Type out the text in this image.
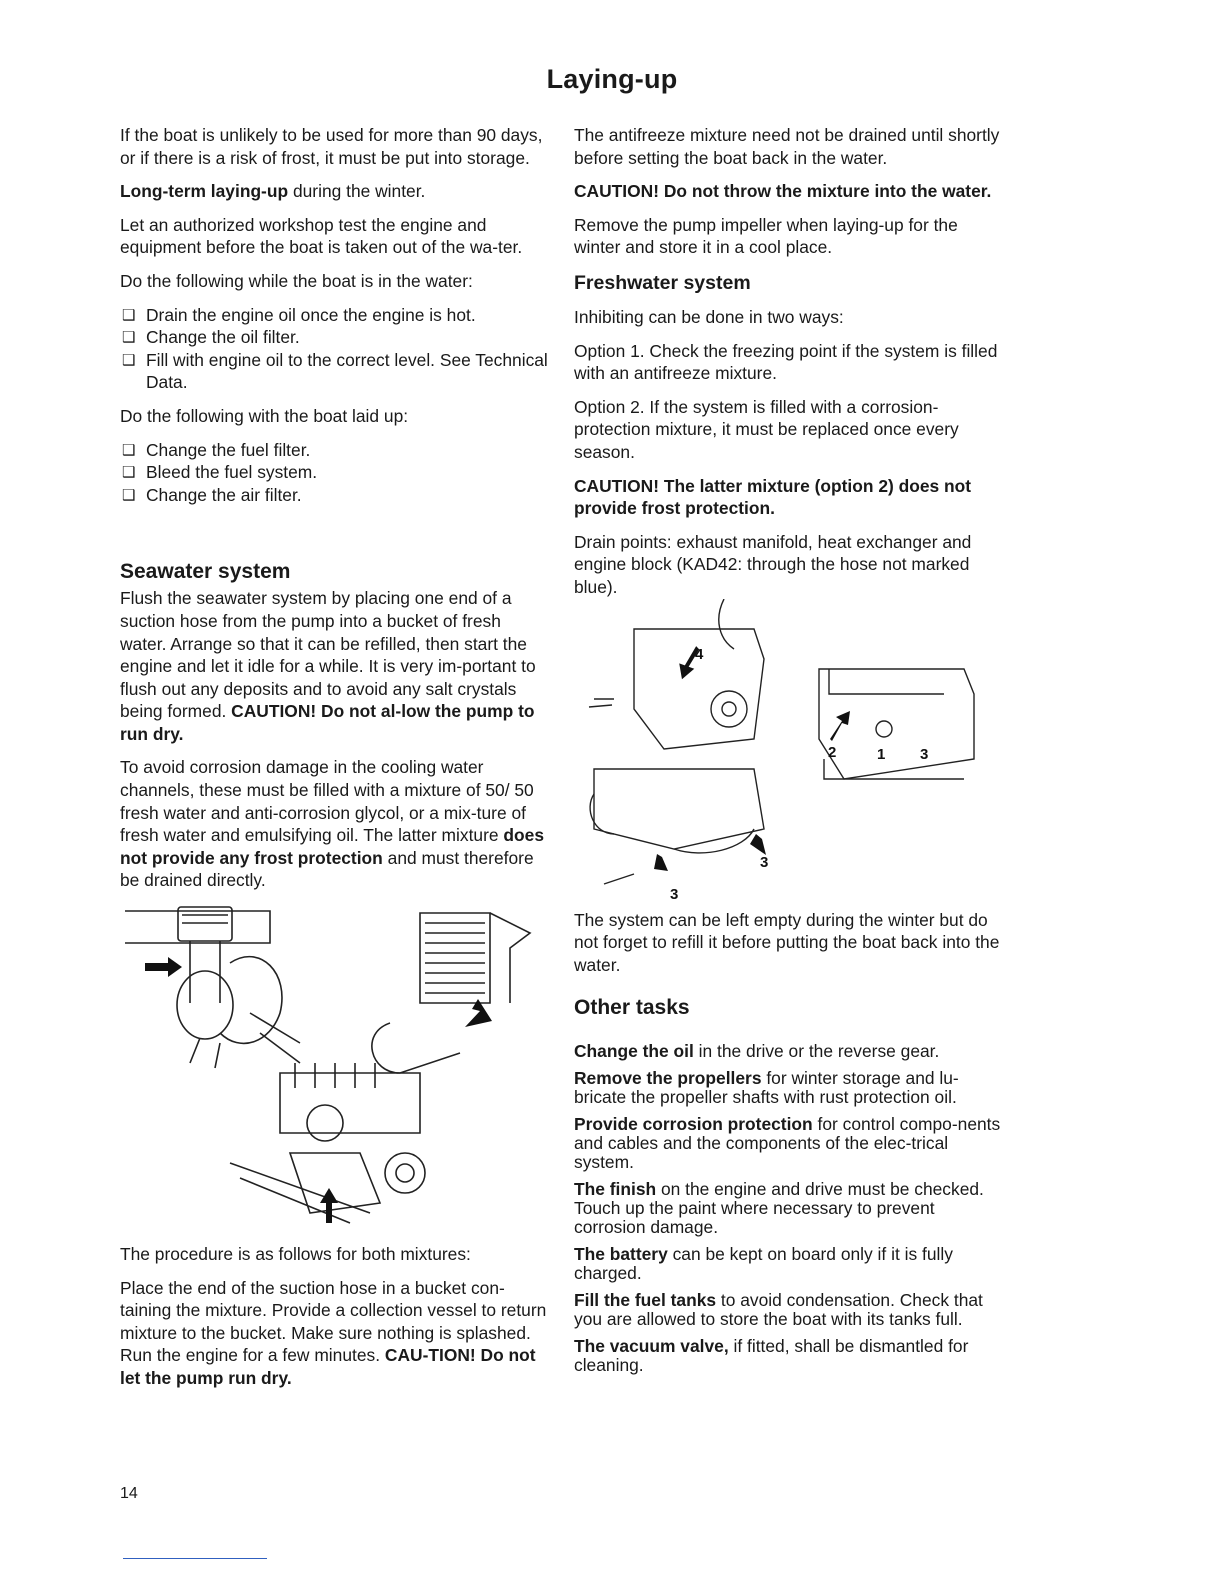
Laying-up

If the boat is unlikely to be used for more than 90 days, or if there is a risk of frost, it must be put into storage.

Long-term laying-up during the winter.

Let an authorized workshop test the engine and equipment before the boat is taken out of the wa-ter.

Do the following while the boat is in the water:

❑ Drain the engine oil once the engine is hot.
❑ Change the oil filter.
❑ Fill with engine oil to the correct level. See Technical Data.

Do the following with the boat laid up:

❑ Change the fuel filter.
❑ Bleed the fuel system.
❑ Change the air filter.
Seawater system

Flush the seawater system by placing one end of a suction hose from the pump into a bucket of fresh water. Arrange so that it can be refilled, then start the engine and let it idle for a while. It is very im-portant to flush out any deposits and to avoid any salt crystals being formed. CAUTION! Do not al-low the pump to run dry.

To avoid corrosion damage in the cooling water channels, these must be filled with a mixture of 50/ 50 fresh water and anti-corrosion glycol, or a mix-ture of fresh water and emulsifying oil. The latter mixture does not provide any frost protection and must therefore be drained directly.

The procedure is as follows for both mixtures:

Place the end of the suction hose in a bucket con-taining the mixture. Provide a collection vessel to return mixture to the bucket. Make sure nothing is splashed. Run the engine for a few minutes. CAU-TION! Do not let the pump run dry.

The antifreeze mixture need not be drained until shortly before setting the boat back in the water.

CAUTION! Do not throw the mixture into the water.

Remove the pump impeller when laying-up for the winter and store it in a cool place.

Freshwater system

Inhibiting can be done in two ways:

Option 1. Check the freezing point if the system is filled with an antifreeze mixture.

Option 2. If the system is filled with a corrosion-protection mixture, it must be replaced once every season.

CAUTION! The latter mixture (option 2) does not provide frost protection.

Drain points: exhaust manifold, heat exchanger and engine block (KAD42: through the hose not marked blue).

4
2	1 3
3
3

The system can be left empty during the winter but do not forget to refill it before putting the boat back into the water.

Other tasks

Change the oil in the drive or the reverse gear.

Remove the propellers for winter storage and lu-bricate the propeller shafts with rust protection oil.

Provide corrosion protection for control compo-nents and cables and the components of the elec-trical system.

The finish on the engine and drive must be checked. Touch up the paint where necessary to prevent corrosion damage.

The battery can be kept on board only if it is fully charged.

Fill the fuel tanks to avoid condensation. Check that you are allowed to store the boat with its tanks full.

The vacuum valve, if fitted, shall be dismantled for cleaning.

14
